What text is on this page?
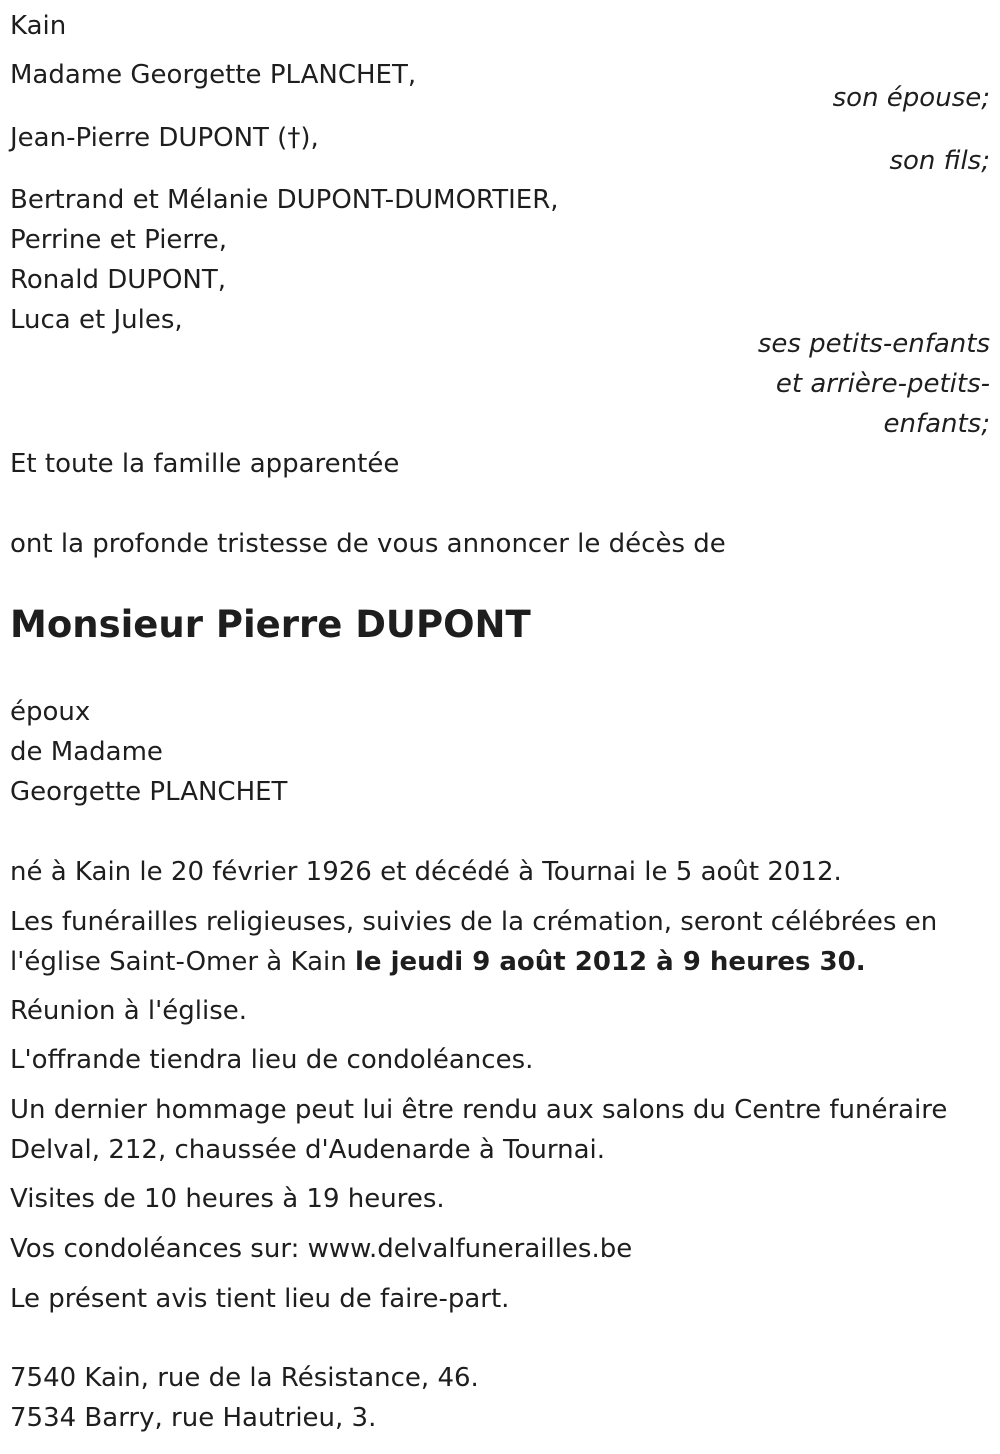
Kain
Madame Georgette PLANCHET,
son épouse;
Jean-Pierre DUPONT (†),
son fils;
Bertrand et Mélanie DUPONT-DUMORTIER,
Perrine et Pierre,
Ronald DUPONT,
Luca et Jules,
ses petits-enfants
et arrière-petits-
enfants;
Et toute la famille apparentée
ont la profonde tristesse de vous annoncer le décès de
Monsieur Pierre DUPONT
époux
de Madame
Georgette PLANCHET
né à Kain le 20 février 1926 et décédé à Tournai le 5 août 2012.
Les funérailles religieuses, suivies de la crémation, seront célébrées en
l'église Saint-Omer à Kain le jeudi 9 août 2012 à 9 heures 30.
Réunion à l'église.
L'offrande tiendra lieu de condoléances.
Un dernier hommage peut lui être rendu aux salons du Centre funéraire
Delval, 212, chaussée d'Audenarde à Tournai.
Visites de 10 heures à 19 heures.
Vos condoléances sur: www.delvalfunerailles.be
Le présent avis tient lieu de faire-part.
7540 Kain, rue de la Résistance, 46.
7534 Barry, rue Hautrieu, 3.
